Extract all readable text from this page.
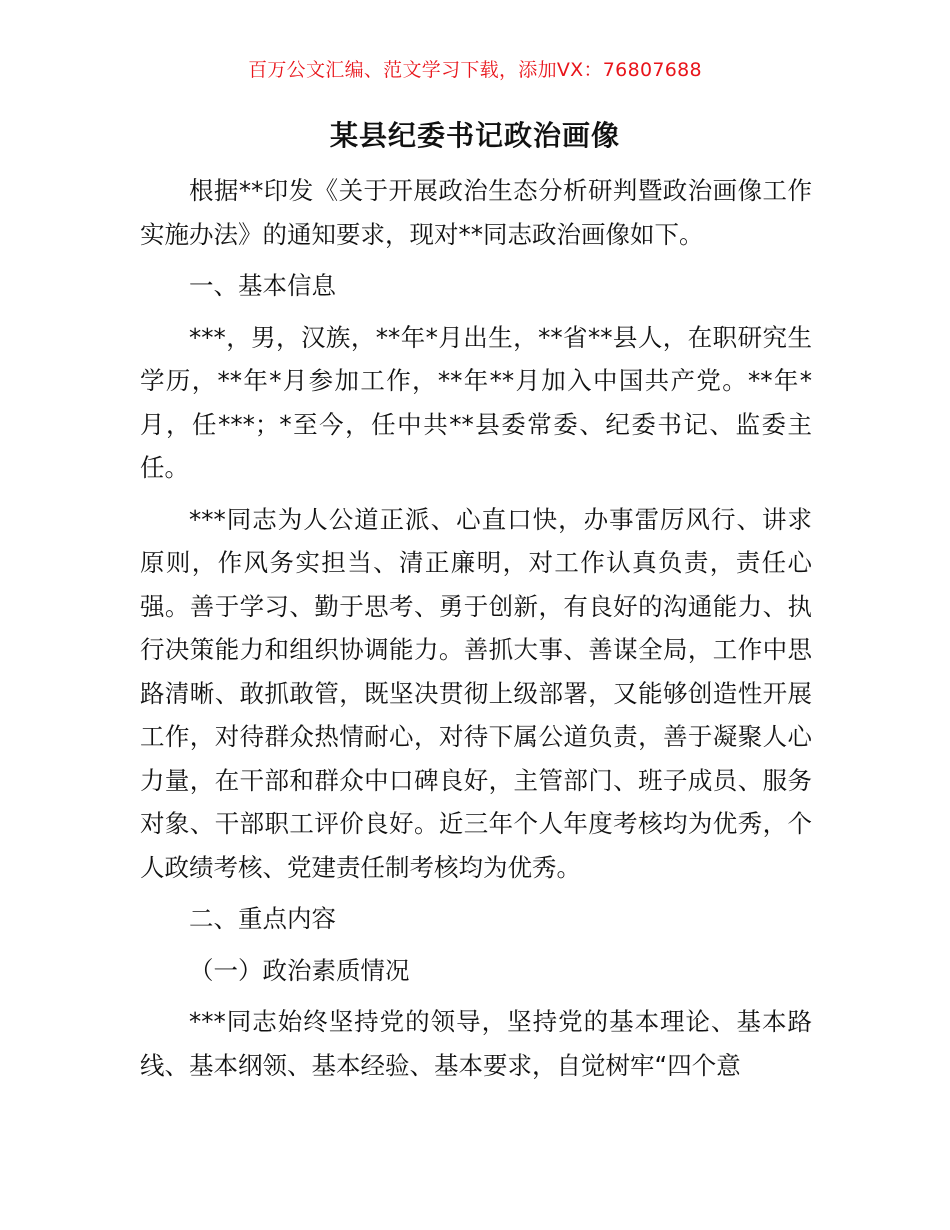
百万公文汇编、范文学习下载，添加VX：76807688
某县纪委书记政治画像

根据**印发《关于开展政治生态分析研判暨政治画像工作实施办法》的通知要求，现对**同志政治画像如下。

一、基本信息

***，男，汉族，**年*月出生，**省**县人，在职研究生学历，**年*月参加工作，**年**月加入中国共产党。**年*月，任***；*至今，任中共**县委常委、纪委书记、监委主任。

***同志为人公道正派、心直口快，办事雷厉风行、讲求原则，作风务实担当、清正廉明，对工作认真负责，责任心强。善于学习、勤于思考、勇于创新，有良好的沟通能力、执行决策能力和组织协调能力。善抓大事、善谋全局，工作中思路清晰、敢抓敢管，既坚决贯彻上级部署，又能够创造性开展工作，对待群众热情耐心，对待下属公道负责，善于凝聚人心力量，在干部和群众中口碑良好，主管部门、班子成员、服务对象、干部职工评价良好。近三年个人年度考核均为优秀，个人政绩考核、党建责任制考核均为优秀。

二、重点内容

（一）政治素质情况

***同志始终坚持党的领导，坚持党的基本理论、基本路线、基本纲领、基本经验、基本要求，自觉树牢“四个意
